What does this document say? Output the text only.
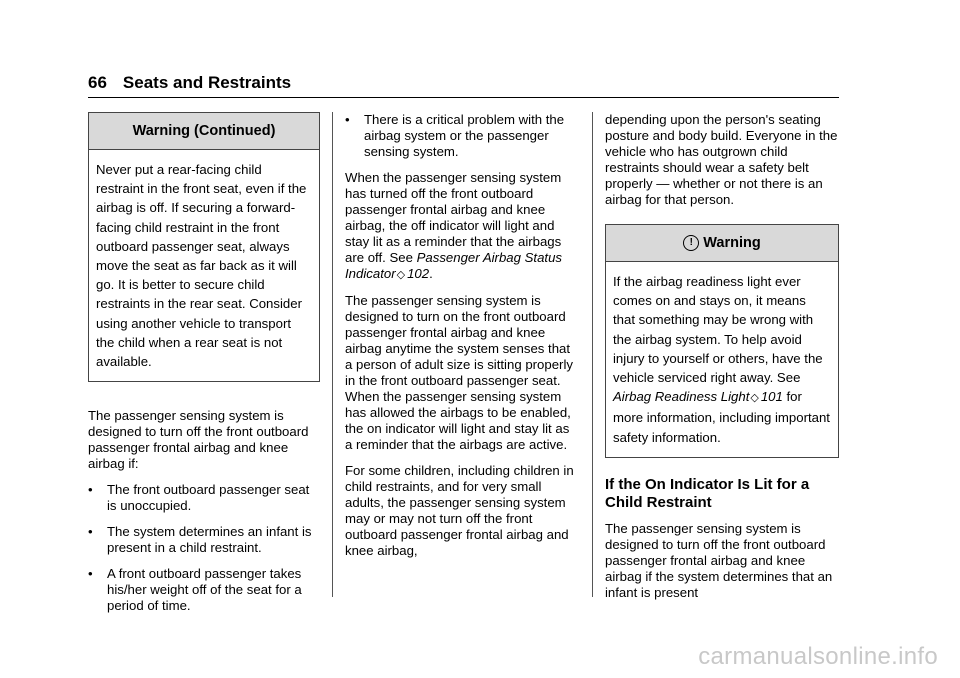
66 Seats and Restraints
Warning (Continued)
Never put a rear-facing child restraint in the front seat, even if the airbag is off. If securing a forward-facing child restraint in the front outboard passenger seat, always move the seat as far back as it will go. It is better to secure child restraints in the rear seat. Consider using another vehicle to transport the child when a rear seat is not available.

The passenger sensing system is designed to turn off the front outboard passenger frontal airbag and knee airbag if:

• The front outboard passenger seat is unoccupied.
• The system determines an infant is present in a child restraint.
• A front outboard passenger takes his/her weight off of the seat for a period of time.
• There is a critical problem with the airbag system or the passenger sensing system.

When the passenger sensing system has turned off the front outboard passenger frontal airbag and knee airbag, the off indicator will light and stay lit as a reminder that the airbags are off. See Passenger Airbag Status Indicator◇ 102.

The passenger sensing system is designed to turn on the front outboard passenger frontal airbag and knee airbag anytime the system senses that a person of adult size is sitting properly in the front outboard passenger seat. When the passenger sensing system has allowed the airbags to be enabled, the on indicator will light and stay lit as a reminder that the airbags are active.

For some children, including children in child restraints, and for very small adults, the passenger sensing system may or may not turn off the front outboard passenger frontal airbag and knee airbag,

depending upon the person's seating posture and body build. Everyone in the vehicle who has outgrown child restraints should wear a safety belt properly — whether or not there is an airbag for that person.

! Warning
If the airbag readiness light ever comes on and stays on, it means that something may be wrong with the airbag system. To help avoid injury to yourself or others, have the vehicle serviced right away. See Airbag Readiness Light◇ 101 for more information, including important safety information.
If the On Indicator Is Lit for a Child Restraint

The passenger sensing system is designed to turn off the front outboard passenger frontal airbag and knee airbag if the system determines that an infant is present

carmanualsonline.info
